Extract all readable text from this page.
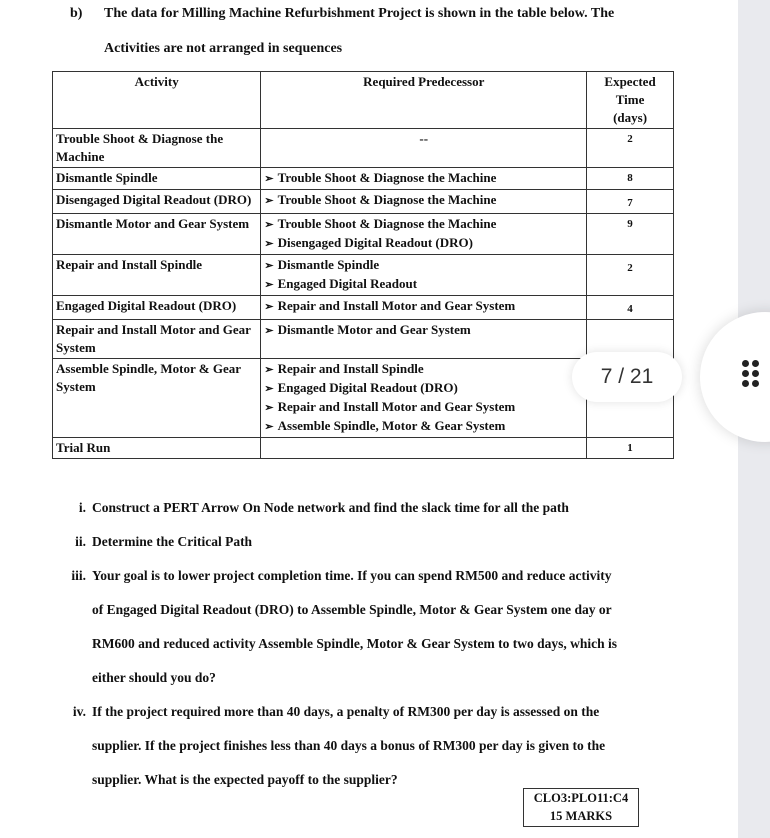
b) The data for Milling Machine Refurbishment Project is shown in the table below. The
Activities are not arranged in sequences
Activity	Required Predecessor	Expected
Time
(days)
Trouble Shoot & Diagnose the Machine	--	2
Dismantle Spindle	➢ Trouble Shoot & Diagnose the Machine	8
Disengaged Digital Readout (DRO)	➢ Trouble Shoot & Diagnose the Machine	7
Dismantle Motor and Gear System	➢ Trouble Shoot & Diagnose the Machine
➢ Disengaged Digital Readout (DRO)	9
Repair and Install Spindle	➢ Dismantle Spindle
➢ Engaged Digital Readout	2
Engaged Digital Readout (DRO)	➢ Repair and Install Motor and Gear System	4
Repair and Install Motor and Gear System	➢ Dismantle Motor and Gear System	

Assemble Spindle, Motor & Gear System	➢ Repair and Install Spindle
➢ Engaged Digital Readout (DRO)
➢ Repair and Install Motor and Gear System
➢ Assemble Spindle, Motor & Gear System	

Trial Run		1
i. Construct a PERT Arrow On Node network and find the slack time for all the path
ii. Determine the Critical Path
iii. Your goal is to lower project completion time. If you can spend RM500 and reduce activity
of Engaged Digital Readout (DRO) to Assemble Spindle, Motor & Gear System one day or
RM600 and reduced activity Assemble Spindle, Motor & Gear System to two days, which is
either should you do?
iv. If the project required more than 40 days, a penalty of RM300 per day is assessed on the
supplier. If the project finishes less than 40 days a bonus of RM300 per day is given to the
supplier. What is the expected payoff to the supplier?
CLO3:PLO11:C4
15 MARKS
7 / 21
